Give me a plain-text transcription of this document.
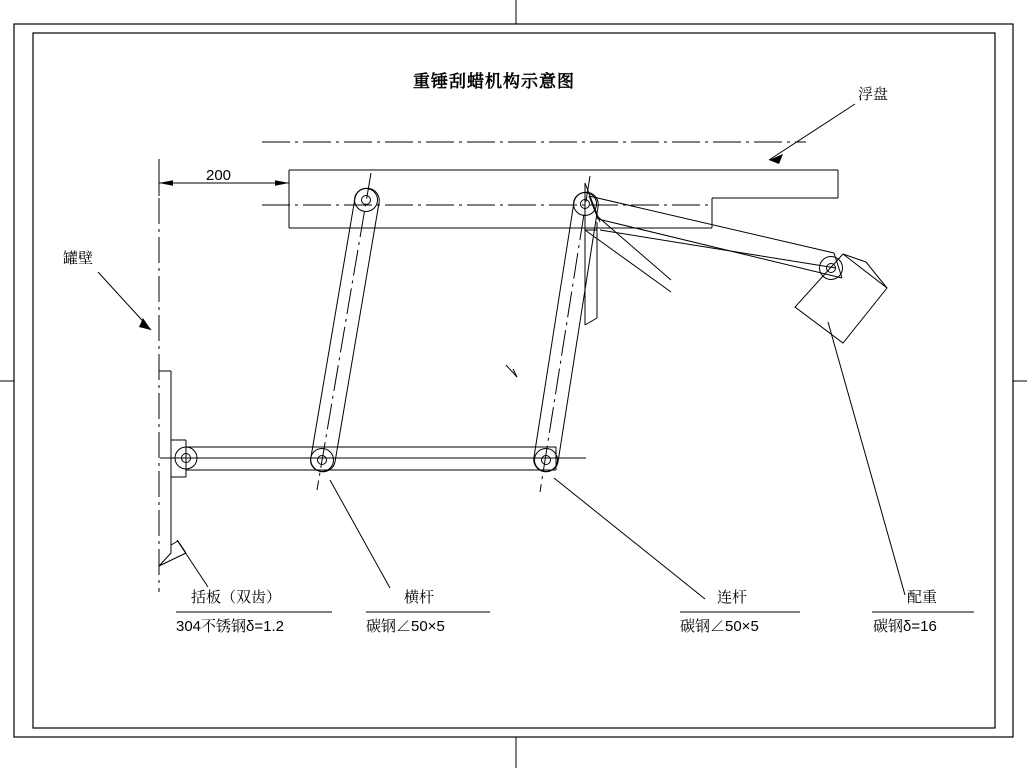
重锤刮蜡机构示意图
200
浮盘
罐壁
括板（双齿）
304不锈钢δ=1.2
横杆
碳钢∠50×5
连杆
碳钢∠50×5
配重
碳钢δ=16
